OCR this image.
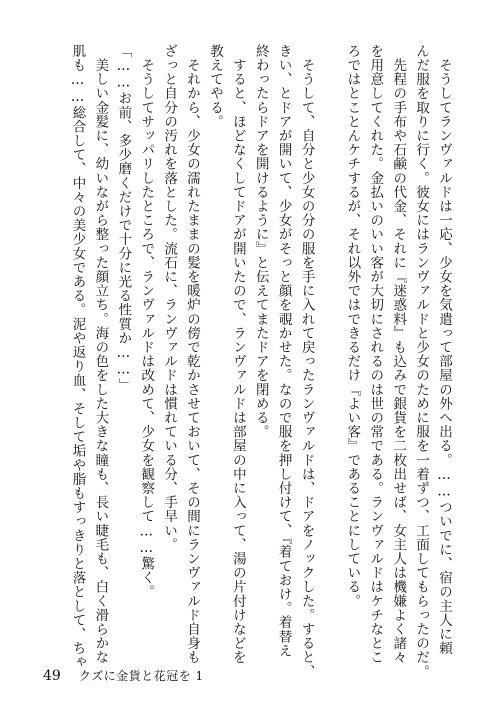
　そうしてランヴァルドは一応、少女を気遣って部屋の外へ出る。……ついでに、宿の主人に頼
んだ服を取りに行く。彼女にはランヴァルドと少女のために服を一着ずつ、工面してもらったのだ。
　先程の手布や石鹸の代金、それに『迷惑料』も込みで銀貨を二枚出せば、女主人は機嫌よく諸々
を用意してくれた。金払いのいい客が大切にされるのは世の常である。ランヴァルドはケチなとこ
ろではとことんケチするが、それ以外ではできるだけ『よい客』であることにしている。
　そうして、自分と少女の分の服を手に入れて戻ったランヴァルドは、ドアをノックした。すると、
きい、とドアが開いて、少女がそっと顔を覗かせた。なので服を押し付けて、『着ておけ。着替え
終わったらドアを開けるように』と伝えてまたドアを閉める。
　すると、ほどなくしてドアが開いたので、ランヴァルドは部屋の中に入って、湯の片付けなどを
教えてやる。
　それから、少女の濡れたままの髪を暖炉の傍で乾かさせておいて、その間にランヴァルド自身も
ざっと自分の汚れを落とした。流石に、ランヴァルドは慣れている分、手早い。
　そうしてサッパリしたところで、ランヴァルドは改めて、少女を観察して……驚く。
「……お前、多少磨くだけで十分に光る性質か……」
　美しい金髪に、幼いながら整った顔立ち。海の色をした大きな瞳も、長い睫毛も、白く滑らかな
肌も……総合して、中々の美少女である。泥や返り血、そして垢や脂もすっきりと落として、ちゃ
49 クズに金貨と花冠を 1
